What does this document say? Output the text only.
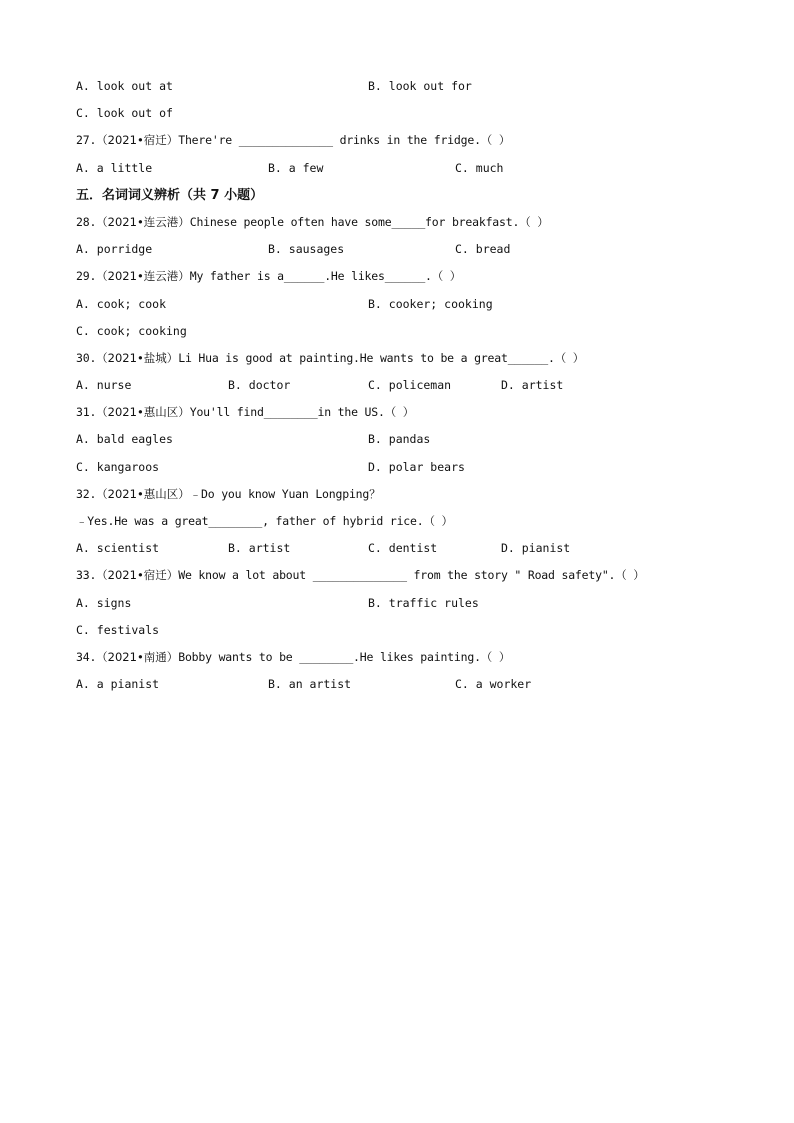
A. look out at	B. look out for
C. look out of
27.（2021•宿迁）There're ______________ drinks in the fridge.（ ）
A. a little	B. a few	C. much
五．名词词义辨析（共 7 小题）
28.（2021•连云港）Chinese people often have some_____for breakfast.（ ）
A. porridge	B. sausages	C. bread
29.（2021•连云港）My father is a______.He likes______.（ ）
A. cook; cook	B. cooker; cooking
C. cook; cooking
30.（2021•盐城）Li Hua is good at painting.He wants to be a great______.（ ）
A. nurse	B. doctor	C. policeman	D. artist
31.（2021•惠山区）You'll find________in the US.（ ）
A. bald eagles	B. pandas
C. kangaroos	D. polar bears
32.（2021•惠山区）﹣Do you know Yuan Longping？
﹣Yes.He was a great________, father of hybrid rice.（ ）
A. scientist	B. artist	C. dentist	D. pianist
33.（2021•宿迁）We know a lot about ______________ from the story " Road safety".（ ）
A. signs	B. traffic rules
C. festivals
34.（2021•南通）Bobby wants to be ________.He likes painting.（ ）
A. a pianist	B. an artist	C. a worker
